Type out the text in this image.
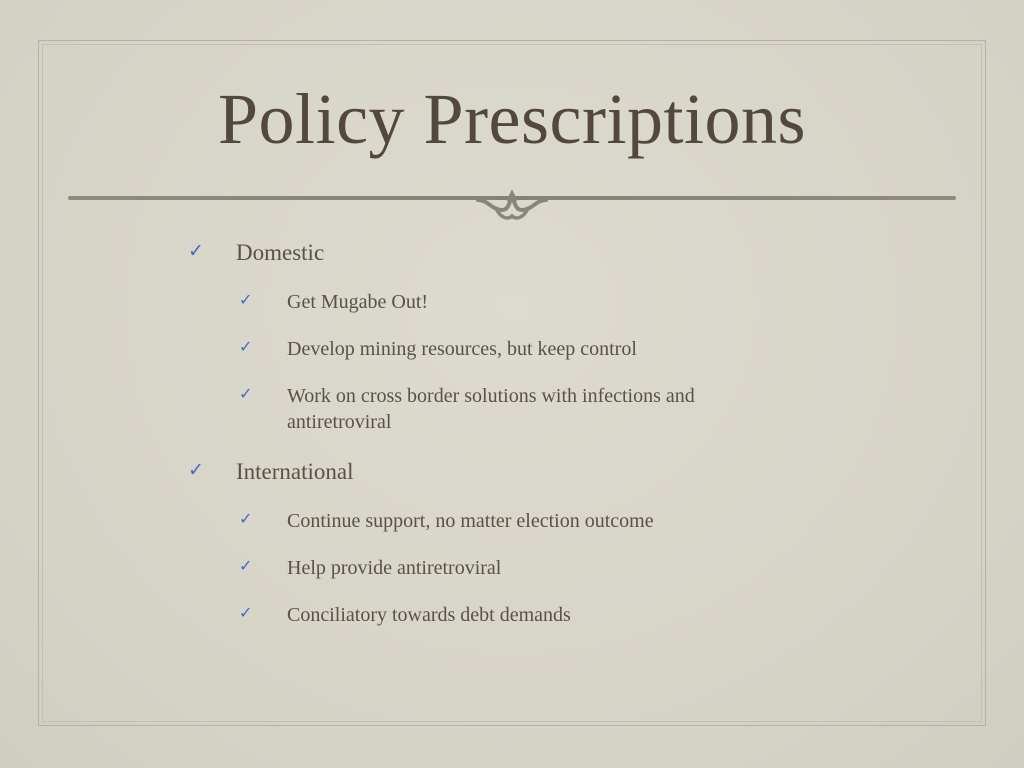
Policy Prescriptions
✓ Domestic
✓ Get Mugabe Out!
✓ Develop mining resources, but keep control
✓ Work on cross border solutions with infections and
antiretroviral
✓ International
✓ Continue support, no matter election outcome
✓ Help provide antiretroviral
✓ Conciliatory towards debt demands
